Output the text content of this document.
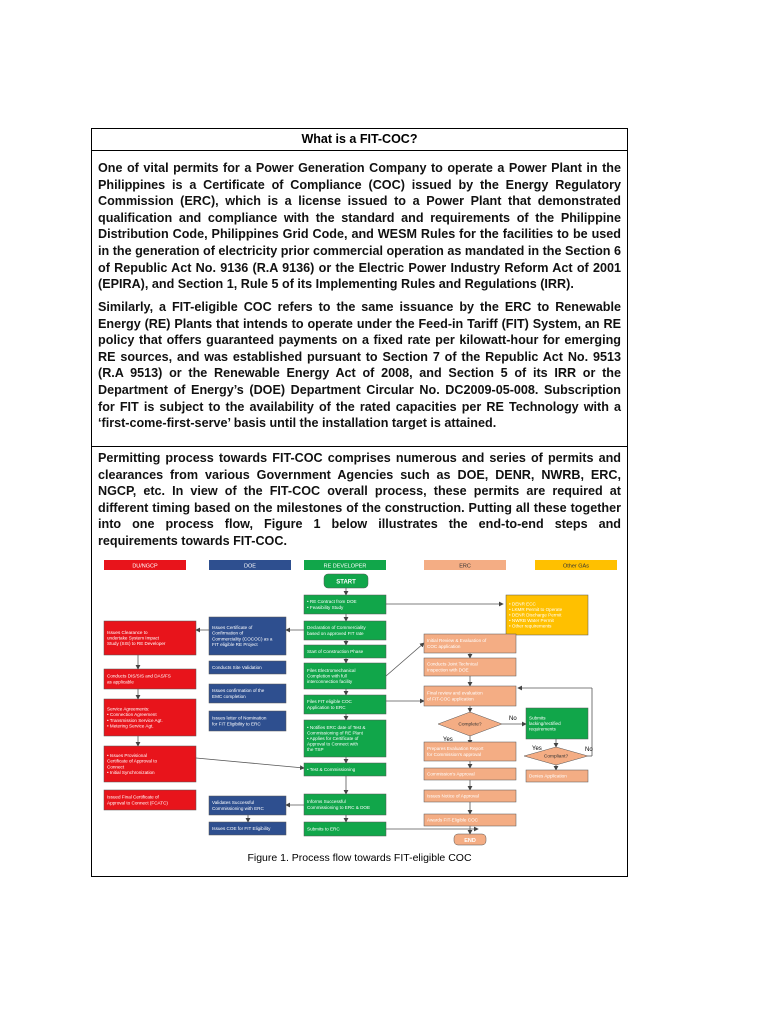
What is a FIT-COC?

One of vital permits for a Power Generation Company to operate a Power Plant in the Philippines is a Certificate of Compliance (COC) issued by the Energy Regulatory Commission (ERC), which is a license issued to a Power Plant that demonstrated qualification and compliance with the standard and requirements of the Philippine Distribution Code, Philippines Grid Code, and WESM Rules for the facilities to be used in the generation of electricity prior commercial operation as mandated in the Section 6 of Republic Act No. 9136 (R.A 9136) or the Electric Power Industry Reform Act of 2001 (EPIRA), and Section 1, Rule 5 of its Implementing Rules and Regulations (IRR).

Similarly, a FIT-eligible COC refers to the same issuance by the ERC to Renewable Energy (RE) Plants that intends to operate under the Feed-in Tariff (FIT) System, an RE policy that offers guaranteed payments on a fixed rate per kilowatt-hour for emerging RE sources, and was established pursuant to Section 7 of the Republic Act No. 9513 (R.A 9513) or the Renewable Energy Act of 2008, and Section 5 of its IRR or the Department of Energy’s (DOE) Department Circular No. DC2009-05-008. Subscription for FIT is subject to the availability of the rated capacities per RE Technology with a ‘first-come-first-serve’ basis until the installation target is attained.

Permitting process towards FIT-COC comprises numerous and series of permits and clearances from various Government Agencies such as DOE, DENR, NWRB, ERC, NGCP, etc. In view of the FIT-COC overall process, these permits are required at different timing based on the milestones of the construction. Putting all these together into one process flow, Figure 1 below illustrates the end-to-end steps and requirements towards FIT-COC.

DU/NGCP	DOE	RE DEVELOPER	ERC	Other GAs
START
• RE Contract from DOE
• Feasibility Study
Declaration of Commerciality
based on approved FIT rate
Start of Construction Phase
Files Electromechanical
Completion with full
interconnection facility
Files FIT eligible COC
Application to ERC
• Notifies ERC date of Test &
Commissioning of RE Plant
• Applies for Certificate of
Approval to Connect with
the TSP
• Test & Commissioning
Informs Successful
Commissioning to ERC & DOE
Submits to ERC
Submits
lacking/rectified
requirements
Issues Certificate of
Confirmation of
Commerciality (COCOC) as a
FIT eligible RE Project
Conducts Site Validation
Issues confirmation of the
EMC completion
Issues letter of Nomination
for FIT Eligibility to ERC
Validates Successful
Commissioning with ERC
Issues COE for FIT Eligibility
Issues Clearance to
undertake System Impact
Study (SIS) to RE Developer
Conducts DIS/SIS and DAS/FS
as applicable
Service Agreements:
• Connection Agreement
• Transmission Service Agt.
• Metering Service Agt.
• Issues Provisional
Certificate of Approval to
Connect
• Initial Synchronization
Issued Final Certificate of
Approval to Connect (FCATC)
• DENR ECC
• LKMR Permit to Operate
• DENR Discharge Permit
• NWRB Water Permit
• Other requirements
Initial Review & Evaluation of
COC application
Conducts Joint Technical
Inspection with DOE
Final review and evaluation
of FIT-COC application
Complete?
Prepares Evaluation Report
for Commission's approval
Commission's Approval
Issues Notice of Approval
Awards FIT-Eligible COC
Compliant?
Denies Application
END
Yes
No
Yes	No
Figure 1. Process flow towards FIT-eligible COC
